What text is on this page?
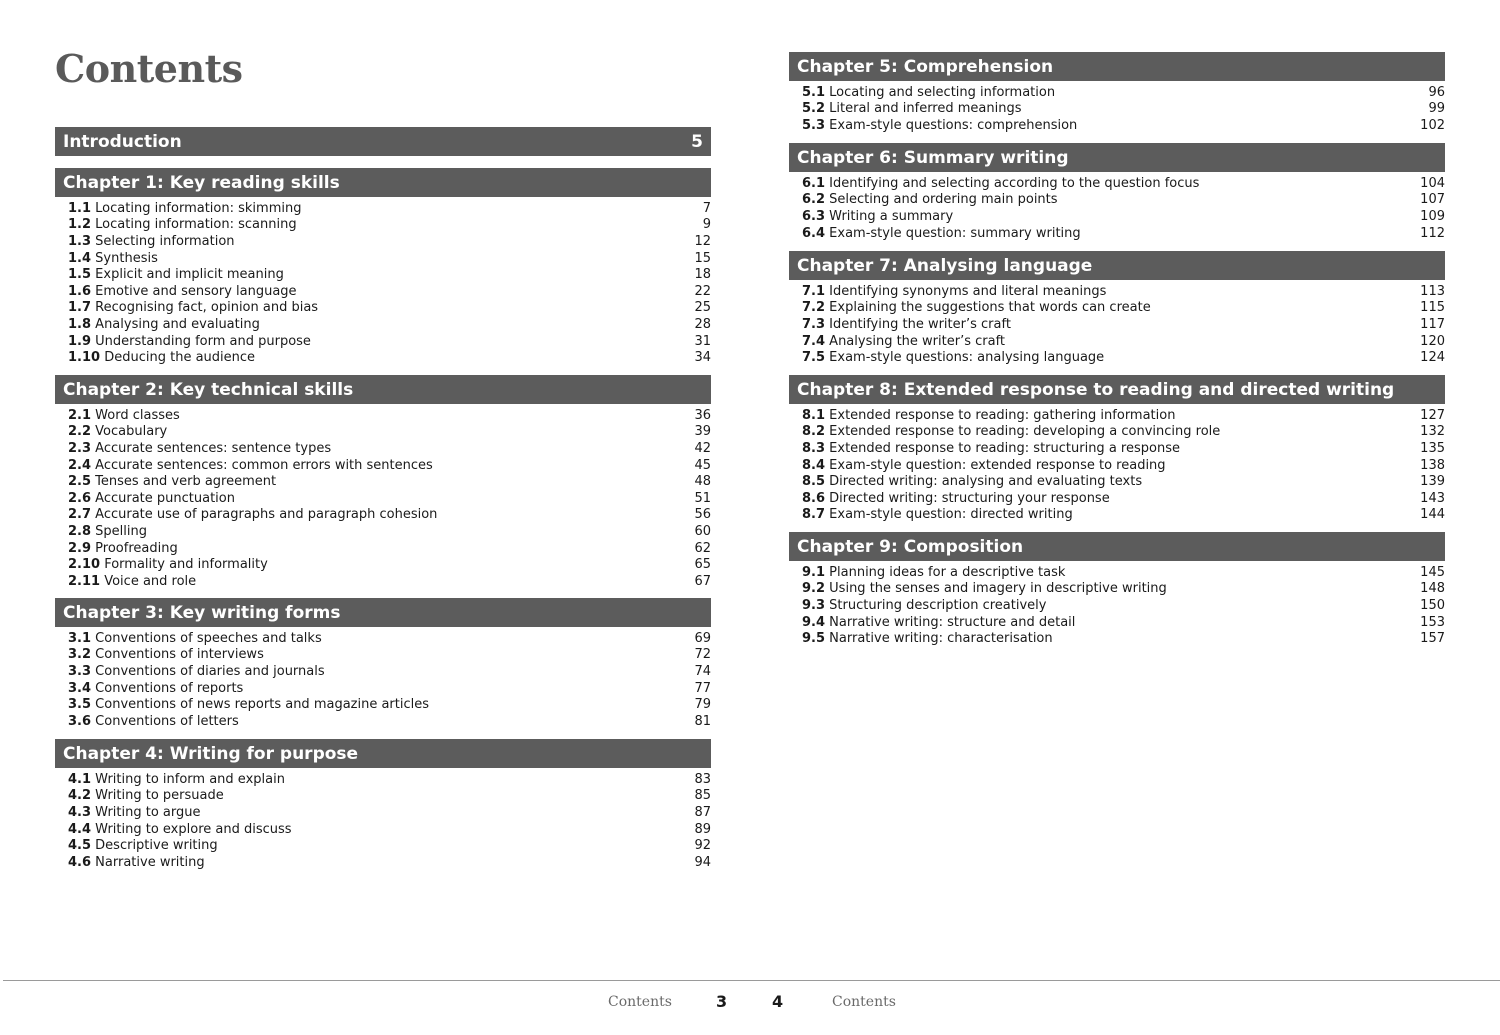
Contents
Introduction	5
Chapter 1: Key reading skills
1.1 Locating information: skimming	7
1.2 Locating information: scanning	9
1.3 Selecting information	12
1.4 Synthesis	15
1.5 Explicit and implicit meaning	18
1.6 Emotive and sensory language	22
1.7 Recognising fact, opinion and bias	25
1.8 Analysing and evaluating	28
1.9 Understanding form and purpose	31
1.10 Deducing the audience	34
Chapter 2: Key technical skills
2.1 Word classes	36
2.2 Vocabulary	39
2.3 Accurate sentences: sentence types	42
2.4 Accurate sentences: common errors with sentences	45
2.5 Tenses and verb agreement	48
2.6 Accurate punctuation	51
2.7 Accurate use of paragraphs and paragraph cohesion	56
2.8 Spelling	60
2.9 Proofreading	62
2.10 Formality and informality	65
2.11 Voice and role	67
Chapter 3: Key writing forms
3.1 Conventions of speeches and talks	69
3.2 Conventions of interviews	72
3.3 Conventions of diaries and journals	74
3.4 Conventions of reports	77
3.5 Conventions of news reports and magazine articles	79
3.6 Conventions of letters	81
Chapter 4: Writing for purpose
4.1 Writing to inform and explain	83
4.2 Writing to persuade	85
4.3 Writing to argue	87
4.4 Writing to explore and discuss	89
4.5 Descriptive writing	92
4.6 Narrative writing	94
Chapter 5: Comprehension
5.1 Locating and selecting information	96
5.2 Literal and inferred meanings	99
5.3 Exam-style questions: comprehension	102
Chapter 6: Summary writing
6.1 Identifying and selecting according to the question focus	104
6.2 Selecting and ordering main points	107
6.3 Writing a summary	109
6.4 Exam-style question: summary writing	112
Chapter 7: Analysing language
7.1 Identifying synonyms and literal meanings	113
7.2 Explaining the suggestions that words can create	115
7.3 Identifying the writer’s craft	117
7.4 Analysing the writer’s craft	120
7.5 Exam-style questions: analysing language	124
Chapter 8: Extended response to reading and directed writing
8.1 Extended response to reading: gathering information	127
8.2 Extended response to reading: developing a convincing role	132
8.3 Extended response to reading: structuring a response	135
8.4 Exam-style question: extended response to reading	138
8.5 Directed writing: analysing and evaluating texts	139
8.6 Directed writing: structuring your response	143
8.7 Exam-style question: directed writing	144
Chapter 9: Composition
9.1 Planning ideas for a descriptive task	145
9.2 Using the senses and imagery in descriptive writing	148
9.3 Structuring description creatively	150
9.4 Narrative writing: structure and detail	153
9.5 Narrative writing: characterisation	157
Contents	3	4	Contents
